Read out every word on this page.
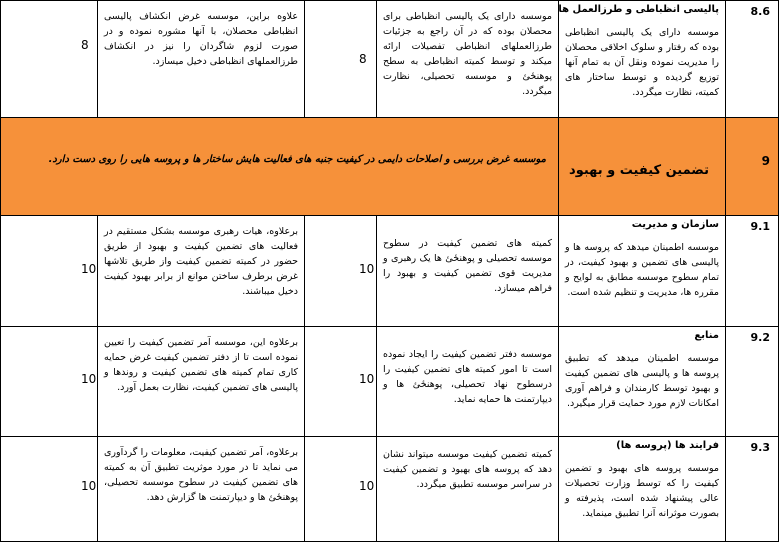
8.6
پالیسی انظباطی و طرزالعمل ها
موسسه دارای یک پالیسی انظباطی بوده که رفتار و سلوک اخلاقی محصلان را مدیریت نموده ونقل آن به تمام آنها توزیع گردیده و توسط ساختار های کمیته، نظارت میگردد.
موسسه دارای یک پالیسی انظباطی برای محصلان بوده که در آن راجع به جزئیات طرزالعملهای انظباطی تفصیلات ارائه میکند و توسط کمیته انظباطی به سطح پوهنځئ و موسسه تحصیلی، نظارت میگردد.
8
علاوه براین، موسسه غرض انکشاف پالیسی انظباطی محصلان، با آنها مشوره نموده و در صورت لزوم شاگردان را نیز در انکشاف طرزالعملهای انظباطی دخیل میسازد.
8
9
تضمین کیفیت و بهبود
موسسه غرض بررسی و اصلاحات دایمی در کیفیت جنبه های فعالیت هایش ساختار ها و پروسه هایی را روی دست دارد.
9.1
سازمان و مدیریت
موسسه اطمینان میدهد که پروسه ها و پالیسی های تضمین و بهبود کیفیت، در تمام سطوح موسسه مطابق به لوایح و مقرره ها، مدیریت و تنظیم شده است.
کمیته های تضمین کیفیت در سطوح موسسه تحصیلی و پوهنځئ ها یک رهبری و مدیریت قوی تضمین کیفیت و بهبود را فراهم میسازد.
10
برعلاوه، هیات رهبری موسسه بشکل مستقیم در فعالیت های تضمین کیفیت و بهبود از طریق حضور در کمیته تضمین کیفیت واز طریق تلاشها غرض برطرف ساختن موانع از برابر بهبود کیفیت دخیل میباشند.
10
9.2
منابع
موسسه اطمینان میدهد که تطبیق پروسه ها و پالیسی های تضمین کیفیت و بهبود توسط کارمندان و فراهم آوری امکانات لازم مورد حمایت قرار میگیرد.
موسسه دفتر تضمین کیفیت را ایجاد نموده است تا امور کمیته های تضمین کیفیت را درسطوح نهاد تحصیلی، پوهنځئ ها و دیپارتمنت ها حمایه نماید.
10
برعلاوه این، موسسه آمر تضمین کیفیت را تعیین نموده است تا از دفتر تضمین کیفیت غرض حمایه کاری تمام کمیته های تضمین کیفیت و روندها و پالیسی های تضمین کیفیت، نظارت بعمل آورد.
10
9.3
فرایند ها (پروسه ها)
موسسه پروسه های بهبود و تضمین کیفیت را که توسط وزارت تحصیلات عالی پیشنهاد شده است، پذیرفته و بصورت موثرانه آنرا تطبیق مینماید.
کمیته تضمین کیفیت موسسه میتواند نشان دهد که پروسه های بهبود و تضمین کیفیت در سراسر موسسه تطبیق میگردد.
10
برعلاوه، آمر تضمین کیفیت، معلومات را گردآوری می نماید تا در مورد موثریت تطبیق آن به کمیته های تضمین کیفیت در سطوح موسسه تحصیلی، پوهنځئ ها و دیپارتمنت ها گزارش دهد.
10
